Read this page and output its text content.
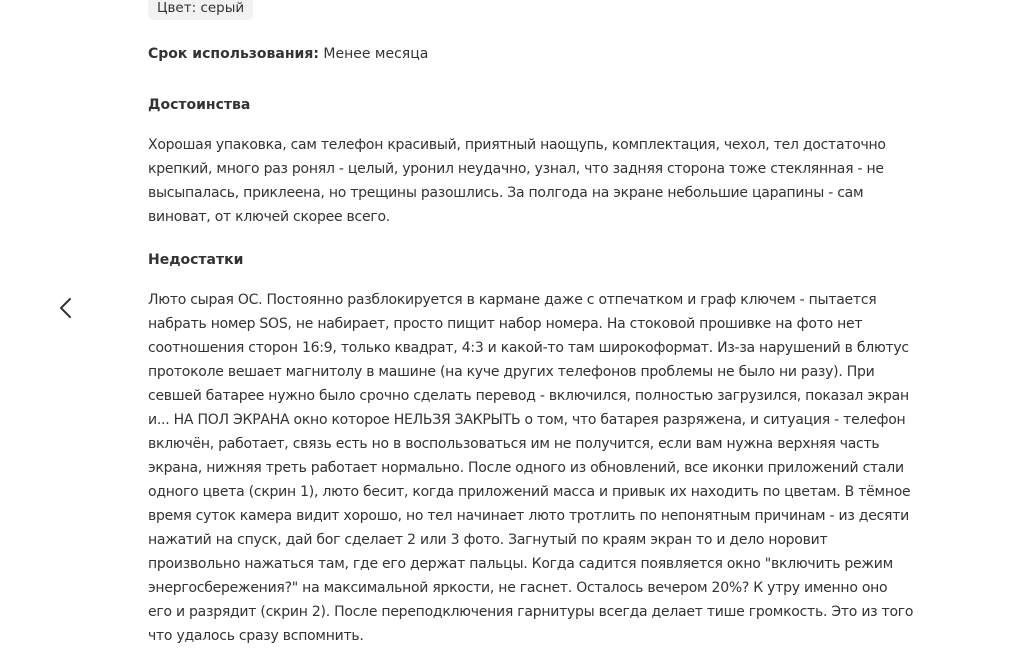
Цвет: серый
Срок использования: Менее месяца
Достоинства
Хорошая упаковка, сам телефон красивый, приятный наощупь, комплектация, чехол, тел достаточно
крепкий, много раз ронял - целый, уронил неудачно, узнал, что задняя сторона тоже стеклянная - не
высыпалась, приклеена, но трещины разошлись. За полгода на экране небольшие царапины - сам
виноват, от ключей скорее всего.
Недостатки
Люто сырая ОС. Постоянно разблокируется в кармане даже с отпечатком и граф ключем - пытается
набрать номер SOS, не набирает, просто пищит набор номера. На стоковой прошивке на фото нет
соотношения сторон 16:9, только квадрат, 4:3 и какой-то там широкоформат. Из-за нарушений в блютус
протоколе вешает магнитолу в машине (на куче других телефонов проблемы не было ни разу). При
севшей батарее нужно было срочно сделать перевод - включился, полностью загрузился, показал экран
и... НА ПОЛ ЭКРАНА окно которое НЕЛЬЗЯ ЗАКРЫТЬ о том, что батарея разряжена, и ситуация - телефон
включён, работает, связь есть но в воспользоваться им не получится, если вам нужна верхняя часть
экрана, нижняя треть работает нормально. После одного из обновлений, все иконки приложений стали
одного цвета (скрин 1), люто бесит, когда приложений масса и привык их находить по цветам. В тёмное
время суток камера видит хорошо, но тел начинает люто тротлить по непонятным причинам - из десяти
нажатий на спуск, дай бог сделает 2 или 3 фото. Загнутый по краям экран то и дело норовит
произвольно нажаться там, где его держат пальцы. Когда садится появляется окно "включить режим
энергосбережения?" на максимальной яркости, не гаснет. Осталось вечером 20%? К утру именно оно
его и разрядит (скрин 2). После переподключения гарнитуры всегда делает тише громкость. Это из того
что удалось сразу вспомнить.
